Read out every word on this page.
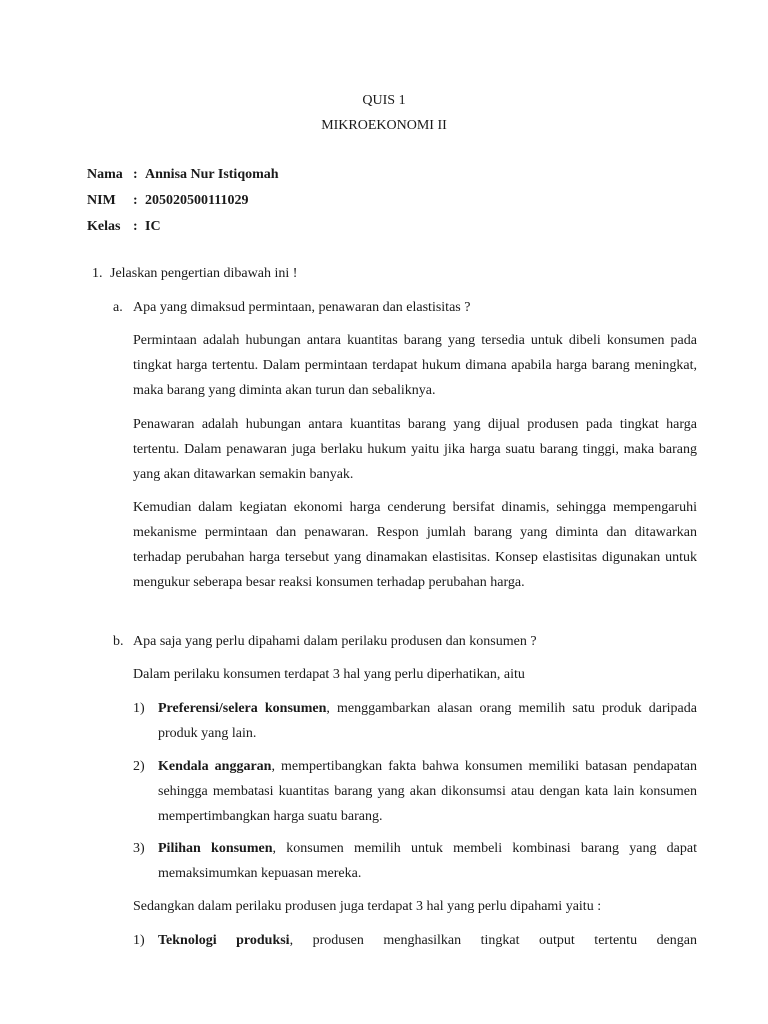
QUIS 1
MIKROEKONOMI II
Nama : Annisa Nur Istiqomah
NIM	: 205020500111029
Kelas : IC
1. Jelaskan pengertian dibawah ini !
a. Apa yang dimaksud permintaan, penawaran dan elastisitas ?

Permintaan adalah hubungan antara kuantitas barang yang tersedia untuk dibeli konsumen pada tingkat harga tertentu. Dalam permintaan terdapat hukum dimana apabila harga barang meningkat, maka barang yang diminta akan turun dan sebaliknya.

Penawaran adalah hubungan antara kuantitas barang yang dijual produsen pada tingkat harga tertentu. Dalam penawaran juga berlaku hukum yaitu jika harga suatu barang tinggi, maka barang yang akan ditawarkan semakin banyak.

Kemudian dalam kegiatan ekonomi harga cenderung bersifat dinamis, sehingga mempengaruhi mekanisme permintaan dan penawaran. Respon jumlah barang yang diminta dan ditawarkan terhadap perubahan harga tersebut yang dinamakan elastisitas. Konsep elastisitas digunakan untuk mengukur seberapa besar reaksi konsumen terhadap perubahan harga.

b. Apa saja yang perlu dipahami dalam perilaku produsen dan konsumen ?

Dalam perilaku konsumen terdapat 3 hal yang perlu diperhatikan, aitu

1) Preferensi/selera konsumen, menggambarkan alasan orang memilih satu produk daripada produk yang lain.
2) Kendala anggaran, mempertibangkan fakta bahwa konsumen memiliki batasan pendapatan sehingga membatasi kuantitas barang yang akan dikonsumsi atau dengan kata lain konsumen mempertimbangkan harga suatu barang.
3) Pilihan konsumen, konsumen memilih untuk membeli kombinasi barang yang dapat memaksimumkan kepuasan mereka.

Sedangkan dalam perilaku produsen juga terdapat 3 hal yang perlu dipahami yaitu :

1) Teknologi produksi, produsen menghasilkan tingkat output tertentu dengan
